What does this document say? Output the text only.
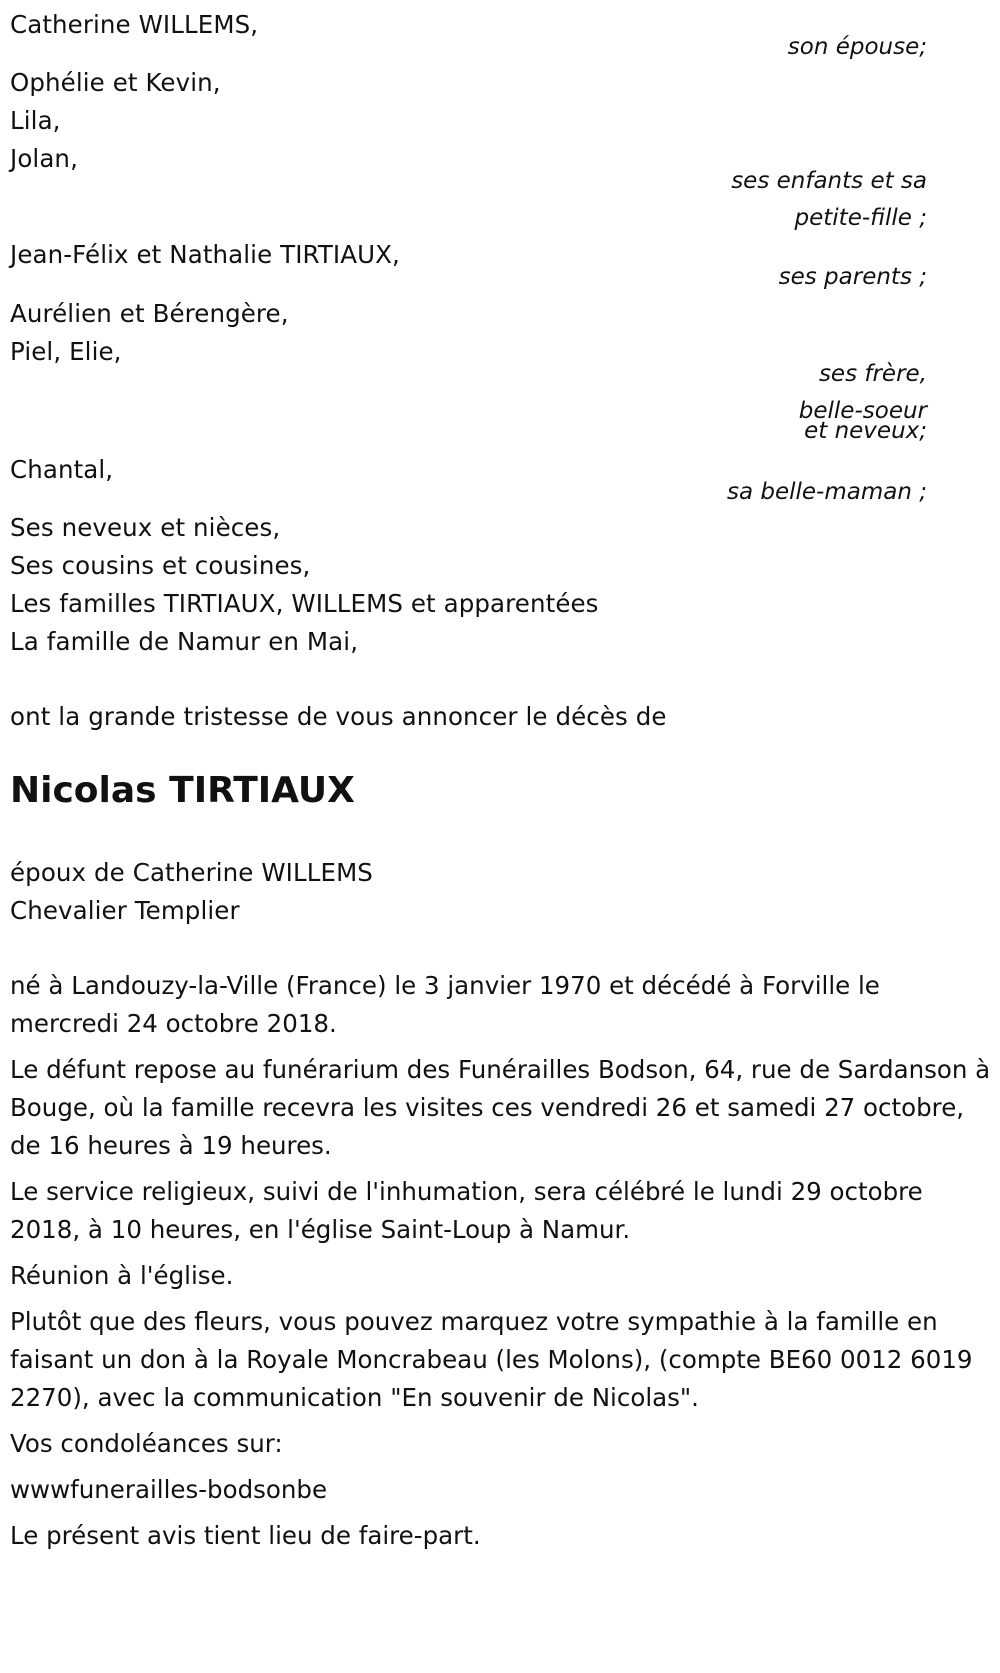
Catherine WILLEMS,
son épouse;
Ophélie et Kevin,
Lila,
Jolan,
ses enfants et sa
petite-fille ;
Jean-Félix et Nathalie TIRTIAUX,
ses parents ;
Aurélien et Bérengère,
Piel, Elie,
ses frère,
belle-soeur
et neveux;
Chantal,
sa belle-maman ;
Ses neveux et nièces,
Ses cousins et cousines,
Les familles TIRTIAUX, WILLEMS et apparentées
La famille de Namur en Mai,
ont la grande tristesse de vous annoncer le décès de
Nicolas TIRTIAUX
époux de Catherine WILLEMS
Chevalier Templier
né à Landouzy-la-Ville (France) le 3 janvier 1970 et décédé à Forville le mercredi 24 octobre 2018.
Le défunt repose au funérarium des Funérailles Bodson, 64, rue de Sardanson à Bouge, où la famille recevra les visites ces vendredi 26 et samedi 27 octobre, de 16 heures à 19 heures.
Le service religieux, suivi de l'inhumation, sera célébré le lundi 29 octobre 2018, à 10 heures, en l'église Saint-Loup à Namur.
Réunion à l'église.
Plutôt que des fleurs, vous pouvez marquez votre sympathie à la famille en faisant un don à la Royale Moncrabeau (les Molons), (compte BE60 0012 6019 2270), avec la communication "En souvenir de Nicolas".
Vos condoléances sur:
wwwfunerailles-bodsonbe
Le présent avis tient lieu de faire-part.
